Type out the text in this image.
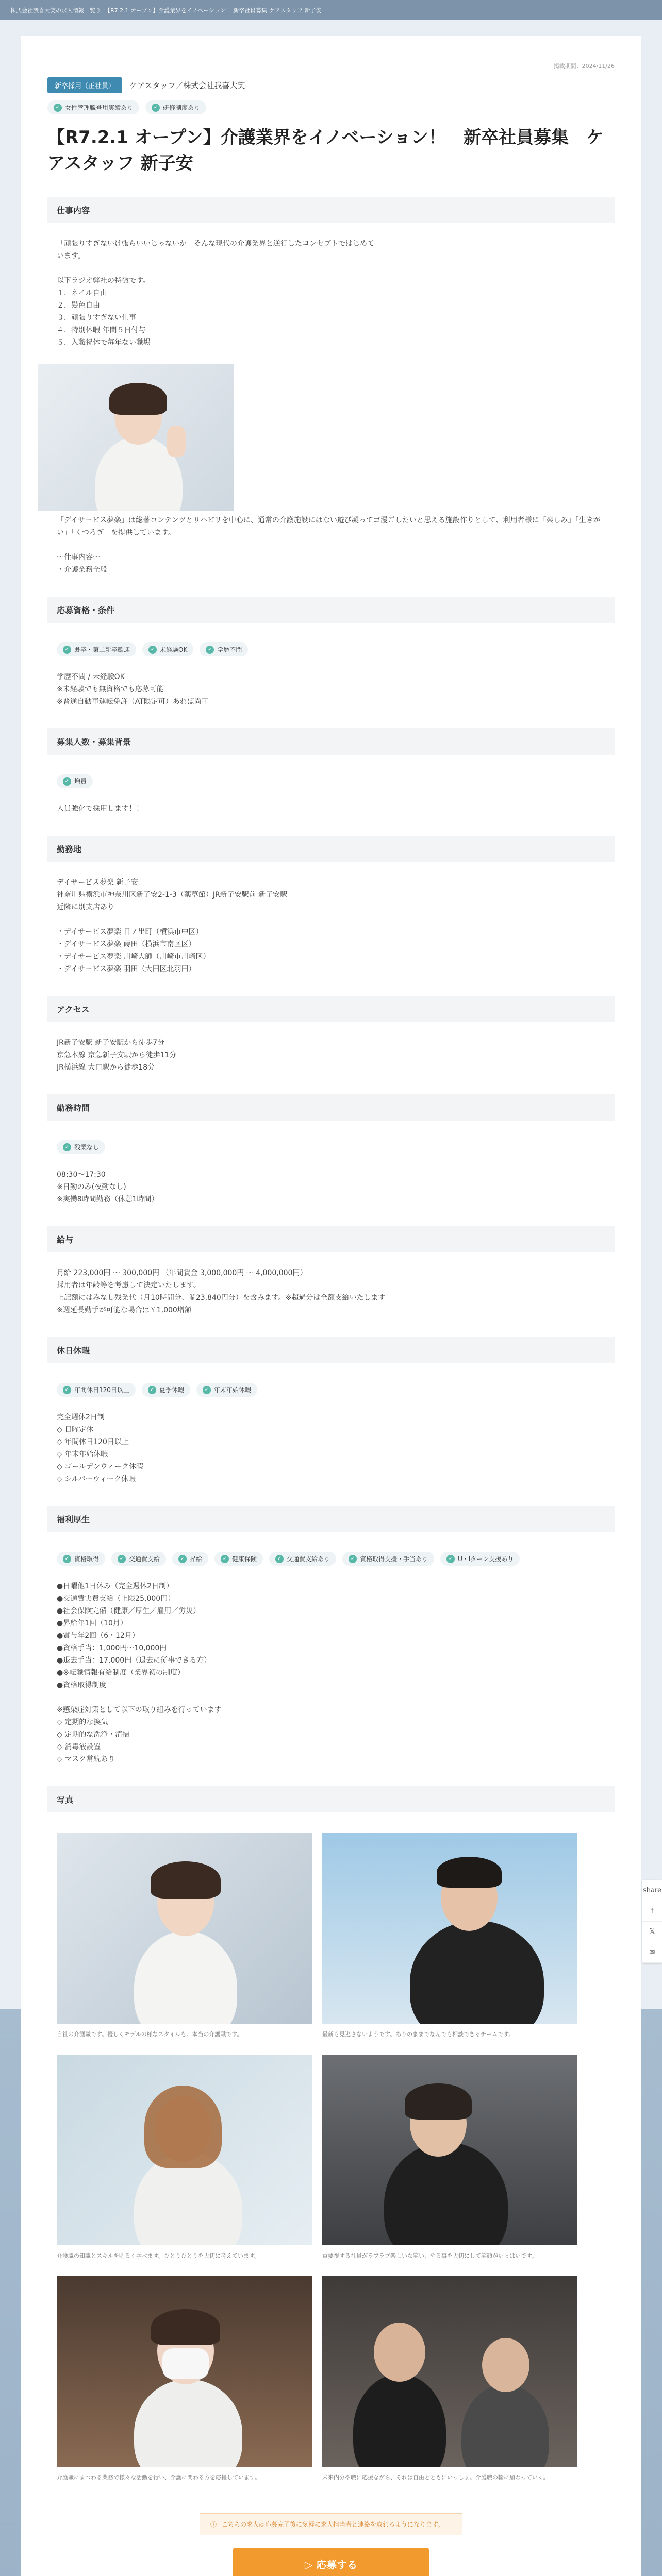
株式会社我喜大笑の求人情報一覧 》 【R7.2.1 オープン】介護業界をイノベーション！ 新卒社員募集 ケアスタッフ 新子安
掲載期間：2024/11/26
新卒採用（正社員）	ケアスタッフ／株式会社我喜大笑
✓ 女性管理職登用実績あり	✓ 研修制度あり
【R7.2.1 オープン】介護業界をイノベーション！　新卒社員募集　ケアスタッフ 新子安
仕事内容
「頑張りすぎないけ張らいいじゃないか」そんな現代の介護業界と逆行したコンセプトではじめています。

以下ラジオ弊社の特徴です。
１．ネイル自由
２．髪色自由
３．頑張りすぎない仕事
４．特別休暇 年間５日付与
５．入職祝休で毎年ない職場
「デイサービス夢楽」は総著コンテンツとリハビリを中心に、通常の介護施設にはない遊び凝ってゴ漫ごしたいと思える施設作りとして、利用者様に「楽しみ」「生きがい」「くつろぎ」を提供しています。

〜仕事内容〜
・介護業務全般
応募資格・条件
✓ 既卒・第二新卒歓迎	✓ 未経験OK	✓ 学歴不問
学歴不問 / 未経験OK
※未経験でも無資格でも応募可能
※普通自動車運転免許（AT限定可）あれば尚可
募集人数・募集背景
✓ 増員
人員強化で採用します！！
勤務地
デイサービス夢楽 新子安
神奈川県横浜市神奈川区新子安2-1-3（薬草館）JR新子安駅前 新子安駅
近隣に別支店あり

・デイサービス夢楽 日ノ出町（横浜市中区）
・デイサービス夢楽 蒔田（横浜市南区区）
・デイサービス夢楽 川崎大師（川崎市川崎区）
・デイサービス夢楽 羽田（大田区北羽田）
アクセス
JR新子安駅 新子安駅から徒歩7分
京急本線 京急新子安駅から徒歩11分
JR横浜線 大口駅から徒歩18分
勤務時間
✓ 残業なし
08:30〜17:30
※日勤のみ(夜勤なし)
※実働8時間勤務（休憩1時間）
給与
月給 223,000円 〜 300,000円 （年間賃金 3,000,000円 〜 4,000,000円）
採用者は年齢等を考慮して決定いたします。
上記額にはみなし残業代（月10時間分、￥23,840円分）を含みます。※超過分は全額支給いたします
※週延長勤手が可能な場合は￥1,000増額
休日休暇
✓ 年間休日120日以上	✓ 夏季休暇	✓ 年末年始休暇
完全週休2日制
◇ 日曜定休
◇ 年間休日120日以上
◇ 年末年始休暇
◇ ゴールデンウィーク休暇
◇ シルバーウィーク休暇
福利厚生
✓ 資格取得	✓ 交通費支給	✓ 昇給	✓ 健康保険	✓ 交通費支給あり	✓ 資格取得支援・手当あり	✓ U・Iターン支援あり
●日曜他1日休み（完全週休2日制）
●交通費実費支給（上限25,000円）
●社会保険完備（健康／厚生／雇用／労災）
●昇給年1回（10月）
●賞与年2回（6・12月）
●資格手当：1,000円〜10,000円
●退去手当：17,000円（退去に従事できる方）
●※転職情報有給制度（業界初の制度）
●資格取得制度

※感染症対策として以下の取り組みを行っています
◇ 定期的な換気
◇ 定期的な洗浄・清掃
◇ 消毒液設置
◇ マスク常続あり
写真
自社の介護職です。優しくモデルの様なスタイルも。本当の介護職です。	最新も見逃さないようです。ありのままでなんでも相談できるチームです。
介護職の知識とスキルを明るく学べます。ひとりひとりを大切に考えています。	重要視する社員がラフラブ楽しいな笑い、やる事を大切にして笑顔がいっぱいです。
介護職にまつわる業務で様々な活動を行い、介護に関わる方を応援しています。	未来内分や職に応援ながら、それは自由とともにいっしょ。介護職の輪に加わっていく。
ⓘ こちらの求人は応募完了後に気軽に求人担当者と連絡を取れるようになります。
▷ 応募する
share
f
𝕏
✉
